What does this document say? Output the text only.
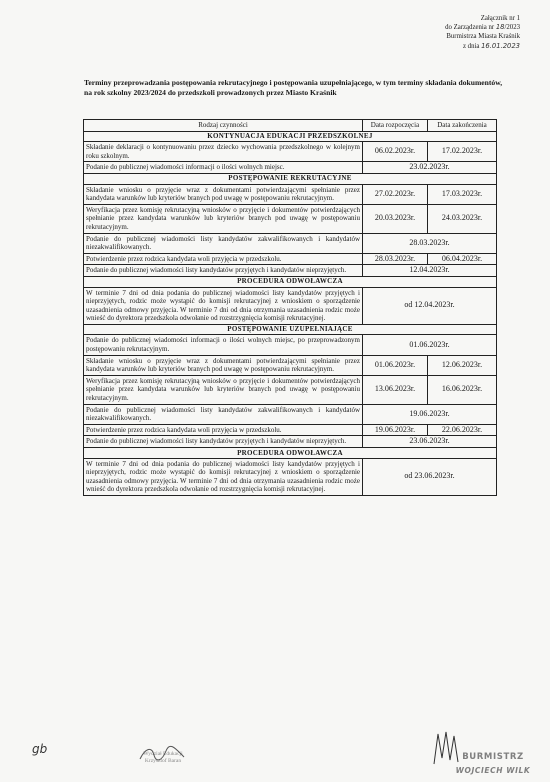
Załącznik nr 1
do Zarządzenia nr 18/2023
Burmistrza Miasta Kraśnik
z dnia 16.01.2023
Terminy przeprowadzania postępowania rekrutacyjnego i postępowania uzupełniającego, w tym terminy składania dokumentów, na rok szkolny 2023/2024 do przedszkoli prowadzonych przez Miasto Kraśnik
Rodzaj czynności	Data rozpoczęcia	Data zakończenia
KONTYNUACJA EDUKACJI PRZEDSZKOLNEJ		
Składanie deklaracji o kontynuowaniu przez dziecko wychowania przedszkolnego w kolejnym roku szkolnym.	06.02.2023r.	17.02.2023r.
Podanie do publicznej wiadomości informacji o ilości wolnych miejsc.	23.02.2023r.	
POSTĘPOWANIE REKRUTACYJNE		
Składanie wniosku o przyjęcie wraz z dokumentami potwierdzającymi spełnianie przez kandydata warunków lub kryteriów branych pod uwagę w postępowaniu rekrutacyjnym.	27.02.2023r.	17.03.2023r.
Weryfikacja przez komisję rekrutacyjną wniosków o przyjęcie i dokumentów potwierdzających spełnianie przez kandydata warunków lub kryteriów branych pod uwagę w postępowaniu rekrutacyjnym.	20.03.2023r.	24.03.2023r.
Podanie do publicznej wiadomości listy kandydatów zakwalifikowanych i kandydatów niezakwalifikowanych.	28.03.2023r.	
Potwierdzenie przez rodzica kandydata woli przyjęcia w przedszkolu.	28.03.2023r.	06.04.2023r.
Podanie do publicznej wiadomości listy kandydatów przyjętych i kandydatów nieprzyjętych.	12.04.2023r.	
PROCEDURA ODWOŁAWCZA		
W terminie 7 dni od dnia podania do publicznej wiadomości listy kandydatów przyjętych i nieprzyjętych, rodzic może wystąpić do komisji rekrutacyjnej z wnioskiem o sporządzenie uzasadnienia odmowy przyjęcia. W terminie 7 dni od dnia otrzymania uzasadnienia rodzic może wnieść do dyrektora przedszkola odwołanie od rozstrzygnięcia komisji rekrutacyjnej.	od 12.04.2023r.	
POSTĘPOWANIE UZUPEŁNIAJĄCE		
Podanie do publicznej wiadomości informacji o ilości wolnych miejsc, po przeprowadzonym postępowaniu rekrutacyjnym.	01.06.2023r.	
Składanie wniosku o przyjęcie wraz z dokumentami potwierdzającymi spełnianie przez kandydata warunków lub kryteriów branych pod uwagę w postępowaniu rekrutacyjnym.	01.06.2023r.	12.06.2023r.
Weryfikacja przez komisję rekrutacyjną wniosków o przyjęcie i dokumentów potwierdzających spełnianie przez kandydata warunków lub kryteriów branych pod uwagę w postępowaniu rekrutacyjnym.	13.06.2023r.	16.06.2023r.
Podanie do publicznej wiadomości listy kandydatów zakwalifikowanych i kandydatów niezakwalifikowanych.	19.06.2023r.	
Potwierdzenie przez rodzica kandydata woli przyjęcia w przedszkolu.	19.06.2023r.	22.06.2023r.
Podanie do publicznej wiadomości listy kandydatów przyjętych i kandydatów nieprzyjętych.	23.06.2023r.	
PROCEDURA ODWOŁAWCZA		
W terminie 7 dni od dnia podania do publicznej wiadomości listy kandydatów przyjętych i nieprzyjętych, rodzic może wystąpić do komisji rekrutacyjnej z wnioskiem o sporządzenie uzasadnienia odmowy przyjęcia. W terminie 7 dni od dnia otrzymania uzasadnienia rodzic może wnieść do dyrektora przedszkola odwołanie od rozstrzygnięcia komisji rekrutacyjnej.	od 23.06.2023r.	
gb	Wydział Edukacji
Krzysztof Baran	BURMISTRZ
WOJCIECH WILK
